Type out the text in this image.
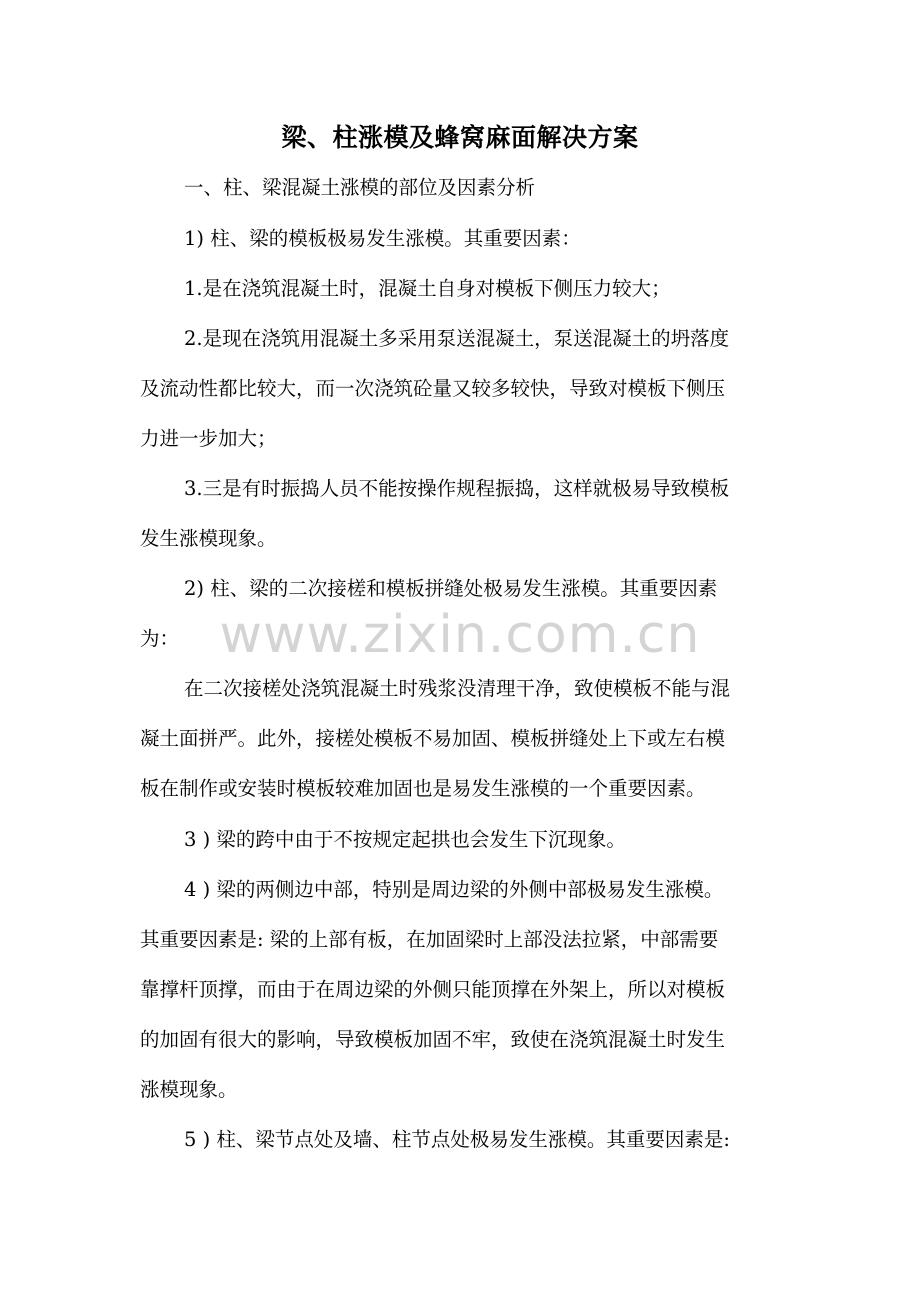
www.zixin.com.cn
梁、柱涨模及蜂窝麻面解决方案
一、柱、梁混凝土涨模的部位及因素分析
1) 柱、梁的模板极易发生涨模。其重要因素：
1.是在浇筑混凝土时，混凝土自身对模板下侧压力较大；
2.是现在浇筑用混凝土多采用泵送混凝土，泵送混凝土的坍落度
及流动性都比较大，而一次浇筑砼量又较多较快，导致对模板下侧压
力进一步加大；
3.三是有时振捣人员不能按操作规程振捣，这样就极易导致模板
发生涨模现象。
2) 柱、梁的二次接槎和模板拼缝处极易发生涨模。其重要因素
为：
在二次接槎处浇筑混凝土时残浆没清理干净，致使模板不能与混
凝土面拼严。此外，接槎处模板不易加固、模板拼缝处上下或左右模
板在制作或安装时模板较难加固也是易发生涨模的一个重要因素。
3 ) 梁的跨中由于不按规定起拱也会发生下沉现象。
4 ) 梁的两侧边中部，特别是周边梁的外侧中部极易发生涨模。
其重要因素是: 梁的上部有板，在加固梁时上部没法拉紧，中部需要
靠撑杆顶撑，而由于在周边梁的外侧只能顶撑在外架上，所以对模板
的加固有很大的影响，导致模板加固不牢，致使在浇筑混凝土时发生
涨模现象。
5 ) 柱、梁节点处及墙、柱节点处极易发生涨模。其重要因素是:
